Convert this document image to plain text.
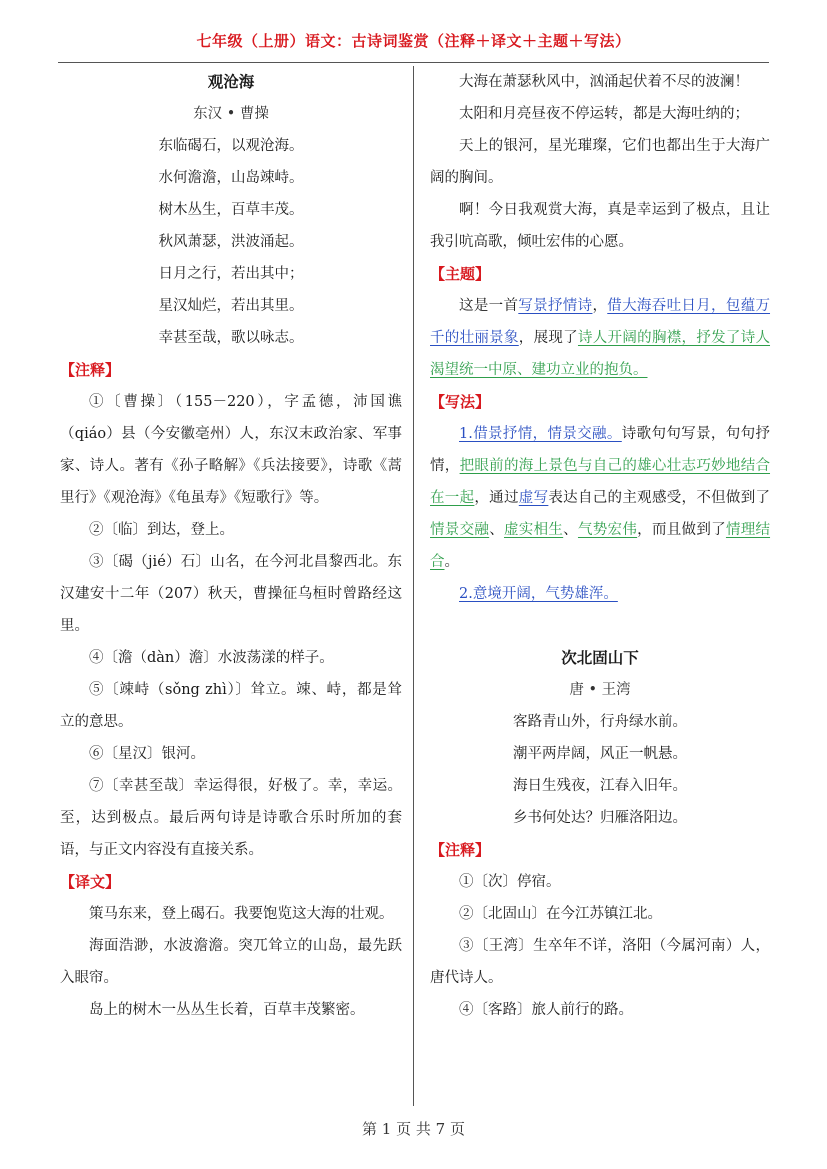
七年级（上册）语文：古诗词鉴赏（注释＋译文＋主题＋写法）
观沧海
东汉 • 曹操
东临碣石，以观沧海。
水何澹澹，山岛竦峙。
树木丛生，百草丰茂。
秋风萧瑟，洪波涌起。
日月之行，若出其中；
星汉灿烂，若出其里。
幸甚至哉，歌以咏志。
【注释】
①〔曹操〕（155－220），字孟德，沛国谯（qiáo）县（今安徽亳州）人，东汉末政治家、军事家、诗人。著有《孙子略解》《兵法接要》，诗歌《蒿里行》《观沧海》《龟虽寿》《短歌行》等。
②〔临〕到达，登上。
③〔碣（jié）石〕山名，在今河北昌黎西北。东汉建安十二年（207）秋天，曹操征乌桓时曾路经这里。
④〔澹（dàn）澹〕水波荡漾的样子。
⑤〔竦峙（sǒng zhì）〕耸立。竦、峙，都是耸立的意思。
⑥〔星汉〕银河。
⑦〔幸甚至哉〕幸运得很，好极了。幸，幸运。至，达到极点。最后两句诗是诗歌合乐时所加的套语，与正文内容没有直接关系。
【译文】
策马东来，登上碣石。我要饱览这大海的壮观。
海面浩渺，水波澹澹。突兀耸立的山岛，最先跃入眼帘。
岛上的树木一丛丛生长着，百草丰茂繁密。
大海在萧瑟秋风中，汹涌起伏着不尽的波澜！
太阳和月亮昼夜不停运转，都是大海吐纳的；
天上的银河，星光璀璨，它们也都出生于大海广阔的胸间。
啊！今日我观赏大海，真是幸运到了极点，且让我引吭高歌，倾吐宏伟的心愿。
【主题】
这是一首写景抒情诗，借大海吞吐日月，包蕴万千的壮丽景象，展现了诗人开阔的胸襟，抒发了诗人渴望统一中原、建功立业的抱负。
【写法】
1.借景抒情，情景交融。诗歌句句写景，句句抒情，把眼前的海上景色与自己的雄心壮志巧妙地结合在一起，通过虚写表达自己的主观感受，不但做到了情景交融、虚实相生、气势宏伟，而且做到了情理结合。
2.意境开阔，气势雄浑。
次北固山下
唐 • 王湾
客路青山外，行舟绿水前。
潮平两岸阔，风正一帆悬。
海日生残夜，江春入旧年。
乡书何处达？归雁洛阳边。
【注释】
①〔次〕停宿。
②〔北固山〕在今江苏镇江北。
③〔王湾〕生卒年不详，洛阳（今属河南）人，唐代诗人。
④〔客路〕旅人前行的路。
第 1 页 共 7 页
